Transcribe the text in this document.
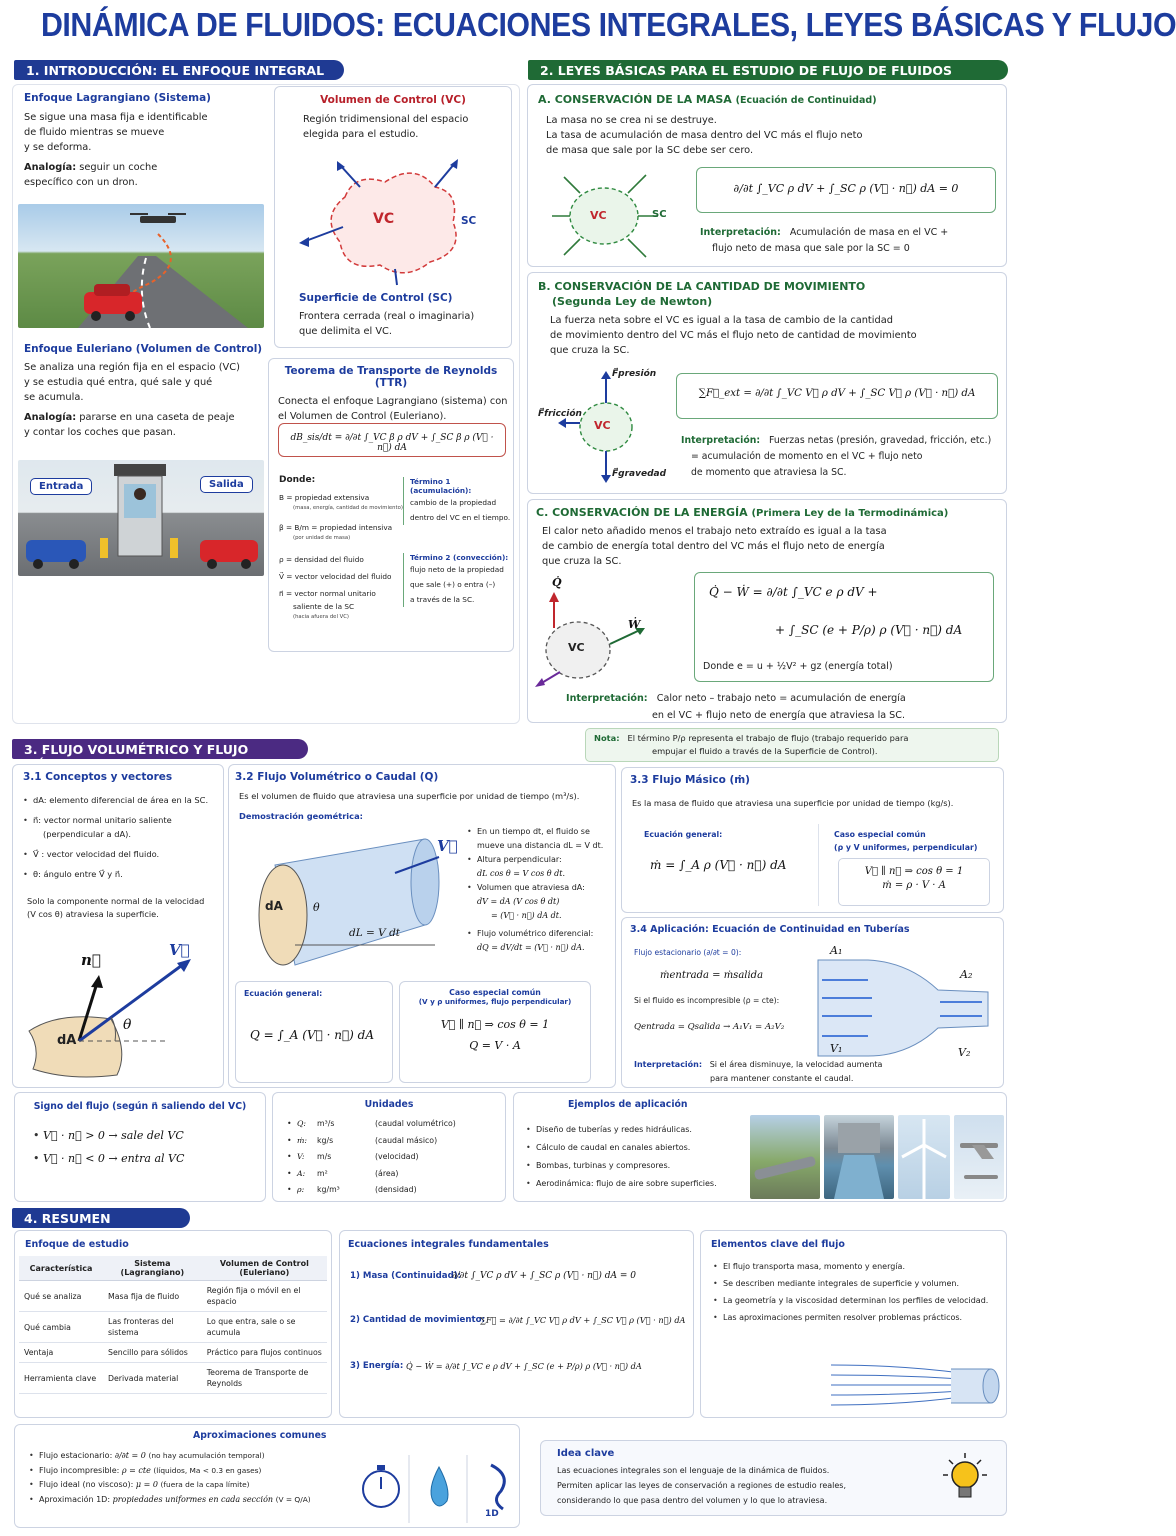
DINÁMICA DE FLUIDOS: ECUACIONES INTEGRALES, LEYES BÁSICAS Y FLUJO
1. INTRODUCCIÓN: EL ENFOQUE INTEGRAL
Enfoque Lagrangiano (Sistema)
Se sigue una masa fija e identificable
de fluido mientras se mueve
y se deforma.
Analogía: seguir un coche
específico con un dron.
Volumen de Control (VC)
Región tridimensional del espacio
elegida para el estudio.
VC	SC
Superficie de Control (SC)
Frontera cerrada (real o imaginaria)
que delimita el VC.
Enfoque Euleriano (Volumen de Control)
Se analiza una región fija en el espacio (VC)
y se estudia qué entra, qué sale y qué
se acumula.
Analogía: pararse en una caseta de peaje
y contar los coches que pasan.
Entrada	Salida
Teorema de Transporte de Reynolds (TTR)
Conecta el enfoque Lagrangiano (sistema) con
el Volumen de Control (Euleriano).
dB_sis/dt = ∂/∂t ∫_VC β ρ dV + ∫_SC β ρ (V⃗ · n⃗) dA
Donde:
B = propiedad extensiva
(masa, energía, cantidad de movimiento)
β = B/m = propiedad intensiva
(por unidad de masa)
ρ = densidad del fluido
V⃗ = vector velocidad del fluido
n⃗ = vector normal unitario
saliente de la SC
(hacia afuera del VC)
Término 1 (acumulación):
cambio de la propiedad
dentro del VC en el tiempo.
Término 2 (convección):
flujo neto de la propiedad
que sale (+) o entra (–)
a través de la SC.
2. LEYES BÁSICAS PARA EL ESTUDIO DE FLUJO DE FLUIDOS
A. CONSERVACIÓN DE LA MASA (Ecuación de Continuidad)
La masa no se crea ni se destruye.
La tasa de acumulación de masa dentro del VC más el flujo neto
de masa que sale por la SC debe ser cero.
VC	SC
∂/∂t ∫_VC ρ dV + ∫_SC ρ (V⃗ · n⃗) dA = 0
Interpretación: Acumulación de masa en el VC +
flujo neto de masa que sale por la SC = 0
B. CONSERVACIÓN DE LA CANTIDAD DE MOVIMIENTO
(Segunda Ley de Newton)
La fuerza neta sobre el VC es igual a la tasa de cambio de la cantidad
de movimiento dentro del VC más el flujo neto de cantidad de movimiento
que cruza la SC.
F⃗presión
F⃗fricción
F⃗gravedad
VC
∑F⃗_ext = ∂/∂t ∫_VC V⃗ ρ dV + ∫_SC V⃗ ρ (V⃗ · n⃗) dA
Interpretación: Fuerzas netas (presión, gravedad, fricción, etc.)
= acumulación de momento en el VC + flujo neto
de momento que atraviesa la SC.
C. CONSERVACIÓN DE LA ENERGÍA (Primera Ley de la Termodinámica)
El calor neto añadido menos el trabajo neto extraído es igual a la tasa
de cambio de energía total dentro del VC más el flujo neto de energía
que cruza la SC.
Q̇
Ẇ
VC
Q̇ − Ẇ = ∂/∂t ∫_VC e ρ dV +
+ ∫_SC (e + P/ρ) ρ (V⃗ · n⃗) dA
Donde e = u + ½V² + gz (energía total)
Interpretación: Calor neto – trabajo neto = acumulación de energía
en el VC + flujo neto de energía que atraviesa la SC.
Nota: El término P/ρ representa el trabajo de flujo (trabajo requerido para
empujar el fluido a través de la Superficie de Control).
3. FLUJO VOLUMÉTRICO Y FLUJO
3.1 Conceptos y vectores
• dA: elemento diferencial de área en la SC.
• n⃗: vector normal unitario saliente
(perpendicular a dA).
• V⃗ : vector velocidad del fluido.
• θ: ángulo entre V⃗ y n⃗.
Solo la componente normal de la velocidad
(V cos θ) atraviesa la superficie.
n⃗
V⃗
dA
θ
3.2 Flujo Volumétrico o Caudal (Q)
Es el volumen de fluido que atraviesa una superficie por unidad de tiempo (m³/s).
Demostración geométrica:
V⃗
dA	θ
dL = V dt
• En un tiempo dt, el fluido se
mueve una distancia dL = V dt.
• Altura perpendicular:
dL cos θ = V cos θ dt.
• Volumen que atraviesa dA:
dV = dA (V cos θ dt)
= (V⃗ · n⃗) dA dt.
• Flujo volumétrico diferencial:
dQ = dV/dt = (V⃗ · n⃗) dA.
Ecuación general:
Q = ∫_A (V⃗ · n⃗) dA
Caso especial común
(V y ρ uniformes, flujo perpendicular)
V⃗ ∥ n⃗ ⇒ cos θ = 1
Q = V · A
3.3 Flujo Másico (ṁ)
Es la masa de fluido que atraviesa una superficie por unidad de tiempo (kg/s).
Ecuación general:
ṁ = ∫_A ρ (V⃗ · n⃗) dA
Caso especial común
(ρ y V uniformes, perpendicular)
V⃗ ∥ n⃗ ⇒ cos θ = 1
ṁ = ρ · V · A
3.4 Aplicación: Ecuación de Continuidad en Tuberías
Flujo estacionario (∂/∂t = 0):
ṁentrada = ṁsalida
Si el fluido es incompresible (ρ = cte):
Qentrada = Qsalida → A₁V₁ = A₂V₂
A₁
A₂
V₁	V₂
Interpretación: Si el área disminuye, la velocidad aumenta
para mantener constante el caudal.
Signo del flujo (según n⃗ saliendo del VC)
• V⃗ · n⃗ > 0 → sale del VC
• V⃗ · n⃗ < 0 → entra al VC
Unidades
• Q:	m³/s	(caudal volumétrico)
• ṁ:	kg/s	(caudal másico)
• V:	m/s	(velocidad)
• A:	m²	(área)
• ρ:	kg/m³	(densidad)
Ejemplos de aplicación
• Diseño de tuberías y redes hidráulicas.
• Cálculo de caudal en canales abiertos.
• Bombas, turbinas y compresores.
• Aerodinámica: flujo de aire sobre superficies.
4. RESUMEN
Enfoque de estudio
Característica	Sistema
(Lagrangiano)	Volumen de Control
(Euleriano)
Qué se analiza	Masa fija de fluido	Región fija o móvil en el espacio
Qué cambia	Las fronteras del sistema	Lo que entra, sale o se acumula
Ventaja	Sencillo para sólidos	Práctico para flujos continuos
Herramienta clave	Derivada material	Teorema de Transporte de Reynolds
Ecuaciones integrales fundamentales
1) Masa (Continuidad):
∂/∂t ∫_VC ρ dV + ∫_SC ρ (V⃗ · n⃗) dA = 0
2) Cantidad de movimiento:
∑F⃗ = ∂/∂t ∫_VC V⃗ ρ dV + ∫_SC V⃗ ρ (V⃗ · n⃗) dA
3) Energía: Q̇ − Ẇ = ∂/∂t ∫_VC e ρ dV + ∫_SC (e + P/ρ) ρ (V⃗ · n⃗) dA
Elementos clave del flujo
• El flujo transporta masa, momento y energía.
• Se describen mediante integrales de superficie y volumen.
• La geometría y la viscosidad determinan los perfiles de velocidad.
• Las aproximaciones permiten resolver problemas prácticos.
Aproximaciones comunes
• Flujo estacionario: ∂/∂t = 0 (no hay acumulación temporal)
• Flujo incompresible: ρ = cte (líquidos, Ma < 0.3 en gases)
• Flujo ideal (no viscoso): μ = 0 (fuera de la capa límite)
• Aproximación 1D: propiedades uniformes en cada sección (V = Q/A)
1D
Idea clave
Las ecuaciones integrales son el lenguaje de la dinámica de fluidos.
Permiten aplicar las leyes de conservación a regiones de estudio reales,
considerando lo que pasa dentro del volumen y lo que lo atraviesa.
